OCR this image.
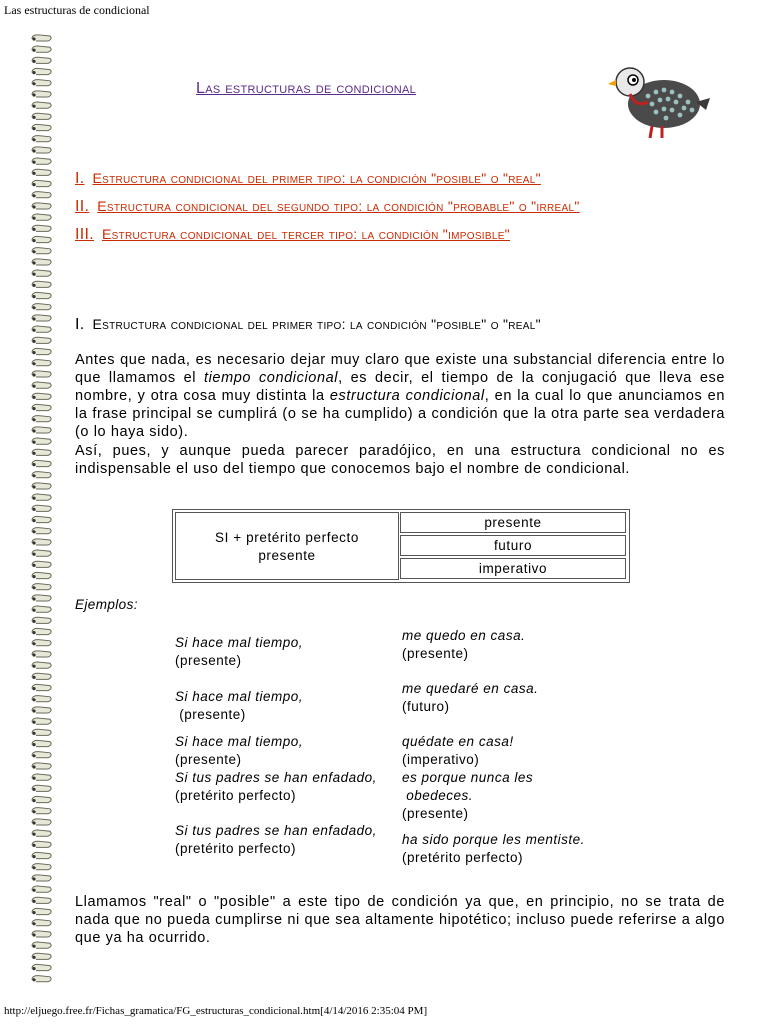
Las estructuras de condicional
Las estructuras de condicional
I. Estructura condicional del primer tipo: la condición "posible" o "real"
II. Estructura condicional del segundo tipo: la condición "probable" o "irreal"
III. Estructura condicional del tercer tipo: la condición "imposible"
I. Estructura condicional del primer tipo: la condición "posible" o "real"
Antes que nada, es necesario dejar muy claro que existe una substancial diferencia entre lo que llamamos el tiempo condicional, es decir, el tiempo de la conjugació que lleva ese nombre, y otra cosa muy distinta la estructura condicional, en la cual lo que anunciamos en la frase principal se cumplirá (o se ha cumplido) a condición que la otra parte sea verdadera (o lo haya sido).
Así, pues, y aunque pueda parecer paradójico, en una estructura condicional no es indispensable el uso del tiempo que conocemos bajo el nombre de condicional.
SI + pretérito perfecto
presente
presente
futuro
imperativo
Ejemplos:
Si hace mal tiempo,
(presente)
me quedo en casa.
(presente)
Si hace mal tiempo,
(presente)
me quedaré en casa.
(futuro)
Si hace mal tiempo,
(presente)
quédate en casa!
(imperativo)
Si tus padres se han enfadado,
(pretérito perfecto)
es porque nunca les
obedeces.
(presente)
Si tus padres se han enfadado,
(pretérito perfecto)
ha sido porque les mentiste.
(pretérito perfecto)
Llamamos "real" o "posible" a este tipo de condición ya que, en principio, no se trata de nada que no pueda cumplirse ni que sea altamente hipotético; incluso puede referirse a algo que ya ha ocurrido.
http://eljuego.free.fr/Fichas_gramatica/FG_estructuras_condicional.htm[4/14/2016 2:35:04 PM]
